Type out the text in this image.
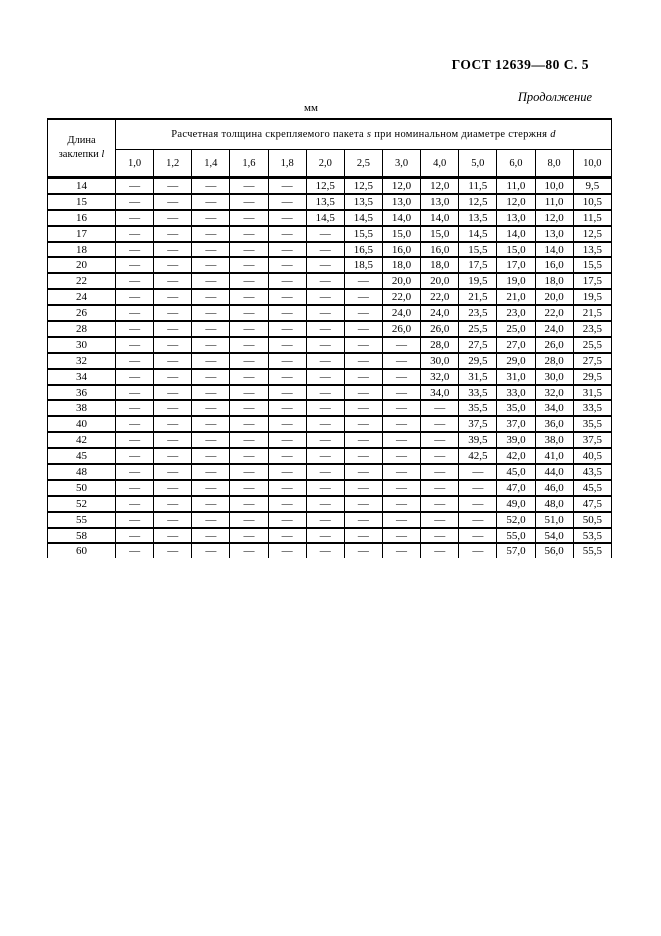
ГОСТ 12639—80 С. 5
Продолжение
мм
Длина
заклепки l	Расчетная толщина скрепляемого пакета s при номинальном диаметре стержня d												
	1,0	1,2	1,4	1,6	1,8	2,0	2,5	3,0	4,0	5,0	6,0	8,0	10,0
14	—	—	—	—	—	12,5	12,5	12,0	12,0	11,5	11,0	10,0	9,5
15	—	—	—	—	—	13,5	13,5	13,0	13,0	12,5	12,0	11,0	10,5
16	—	—	—	—	—	14,5	14,5	14,0	14,0	13,5	13,0	12,0	11,5
17	—	—	—	—	—	—	15,5	15,0	15,0	14,5	14,0	13,0	12,5
18	—	—	—	—	—	—	16,5	16,0	16,0	15,5	15,0	14,0	13,5
20	—	—	—	—	—	—	18,5	18,0	18,0	17,5	17,0	16,0	15,5
22	—	—	—	—	—	—	—	20,0	20,0	19,5	19,0	18,0	17,5
24	—	—	—	—	—	—	—	22,0	22,0	21,5	21,0	20,0	19,5
26	—	—	—	—	—	—	—	24,0	24,0	23,5	23,0	22,0	21,5
28	—	—	—	—	—	—	—	26,0	26,0	25,5	25,0	24,0	23,5
30	—	—	—	—	—	—	—	—	28,0	27,5	27,0	26,0	25,5
32	—	—	—	—	—	—	—	—	30,0	29,5	29,0	28,0	27,5
34	—	—	—	—	—	—	—	—	32,0	31,5	31,0	30,0	29,5
36	—	—	—	—	—	—	—	—	34,0	33,5	33,0	32,0	31,5
38	—	—	—	—	—	—	—	—	—	35,5	35,0	34,0	33,5
40	—	—	—	—	—	—	—	—	—	37,5	37,0	36,0	35,5
42	—	—	—	—	—	—	—	—	—	39,5	39,0	38,0	37,5
45	—	—	—	—	—	—	—	—	—	42,5	42,0	41,0	40,5
48	—	—	—	—	—	—	—	—	—	—	45,0	44,0	43,5
50	—	—	—	—	—	—	—	—	—	—	47,0	46,0	45,5
52	—	—	—	—	—	—	—	—	—	—	49,0	48,0	47,5
55	—	—	—	—	—	—	—	—	—	—	52,0	51,0	50,5
58	—	—	—	—	—	—	—	—	—	—	55,0	54,0	53,5
60	—	—	—	—	—	—	—	—	—	—	57,0	56,0	55,5
